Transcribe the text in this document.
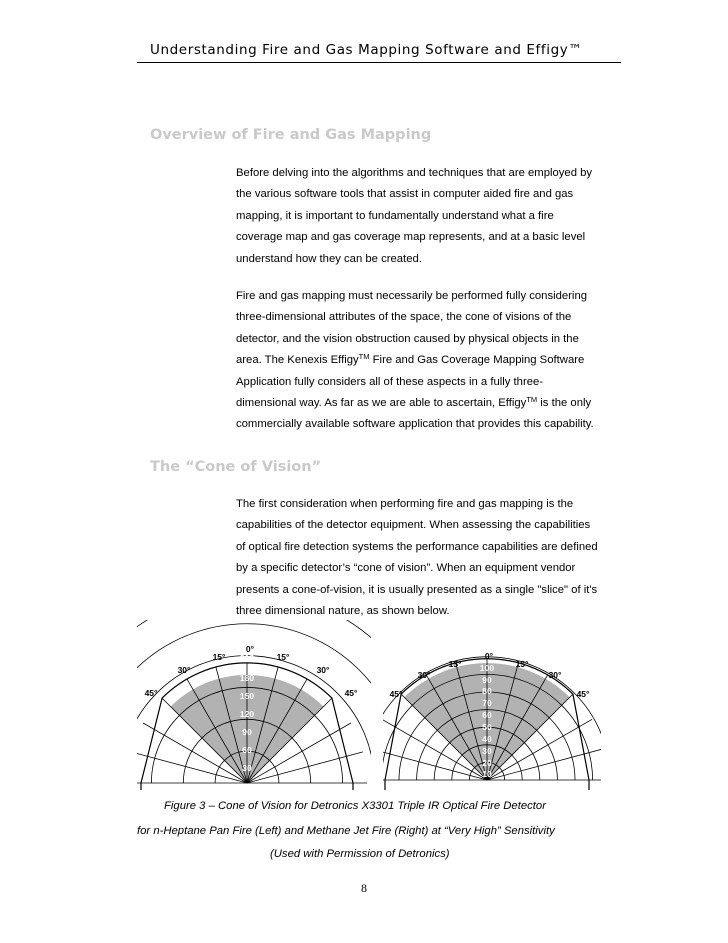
Understanding Fire and Gas Mapping Software and Effigy™
Overview of Fire and Gas Mapping
Before delving into the algorithms and techniques that are employed by
the various software tools that assist in computer aided fire and gas
mapping, it is important to fundamentally understand what a fire
coverage map and gas coverage map represents, and at a basic level
understand how they can be created.
Fire and gas mapping must necessarily be performed fully considering
three-dimensional attributes of the space, the cone of visions of the
detector, and the vision obstruction caused by physical objects in the
area. The Kenexis Effigy™ Fire and Gas Coverage Mapping Software
Application fully considers all of these aspects in a fully three-
dimensional way. As far as we are able to ascertain, Effigy™ is the only
commercially available software application that provides this capability.
The “Cone of Vision”
The first consideration when performing fire and gas mapping is the
capabilities of the detector equipment. When assessing the capabilities
of optical fire detection systems the performance capabilities are defined
by a specific detector’s “cone of vision”. When an equipment vendor
presents a cone-of-vision, it is usually presented as a single "slice" of it's
three dimensional nature, as shown below.
210
180
150
120
90
60
30
0°
15°	15°
30°	30°
45°	45°
100
90
80
70
60
50
40
30
20
10
0°
15°	15°
30°	30°
45°	45°
Figure 3 – Cone of Vision for Detronics X3301 Triple IR Optical Fire Detector
for n-Heptane Pan Fire (Left) and Methane Jet Fire (Right) at “Very High” Sensitivity
(Used with Permission of Detronics)
8
